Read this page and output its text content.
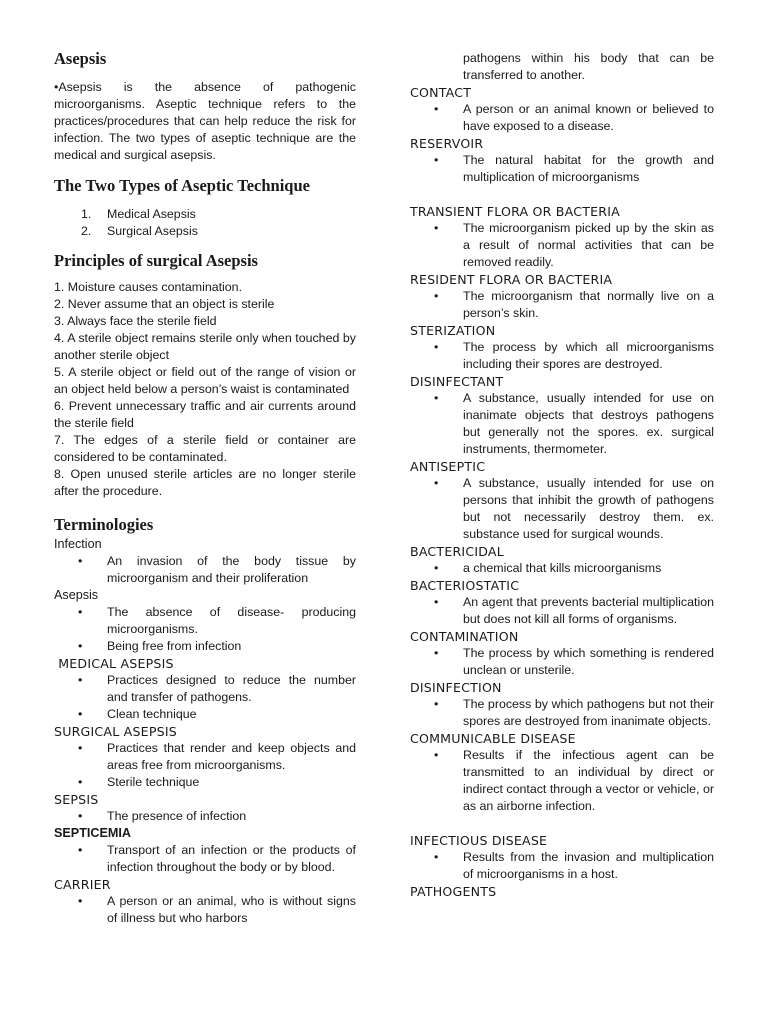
Asepsis

•Asepsis is the absence of pathogenic microorganisms. Aseptic technique refers to the practices/procedures that can help reduce the risk for infection. The two types of aseptic technique are the medical and surgical asepsis.

The Two Types of Aseptic Technique
1. Medical Asepsis
2. Surgical Asepsis
Principles of surgical Asepsis
1. Moisture causes contamination.
2. Never assume that an object is sterile
3. Always face the sterile field
4. A sterile object remains sterile only when touched by another sterile object
5. A sterile object or field out of the range of vision or an object held below a person’s waist is contaminated
6. Prevent unnecessary traffic and air currents around the sterile field
7. The edges of a sterile field or container are considered to be contaminated.
8. Open unused sterile articles are no longer sterile after the procedure.
Terminologies

Infection

• An invasion of the body tissue by microorganism and their proliferation

Asepsis

• The absence of disease- producing microorganisms.
• Being free from infection

MEDICAL ASEPSIS

• Practices designed to reduce the number and transfer of pathogens.
• Clean technique

SURGICAL ASEPSIS

• Practices that render and keep objects and areas free from microorganisms.
• Sterile technique

SEPSIS

• The presence of infection

SEPTICEMIA

• Transport of an infection or the products of infection throughout the body or by blood.

CARRIER

• A person or an animal, who is without signs of illness but who harbors
pathogens within his body that can be
transferred to another.

CONTACT

• A person or an animal known or believed to have exposed to a disease.

RESERVOIR

• The natural habitat for the growth and multiplication of microorganisms

TRANSIENT FLORA OR BACTERIA

• The microorganism picked up by the skin as a result of normal activities that can be removed readily.

RESIDENT FLORA OR BACTERIA

• The microorganism that normally live on a person’s skin.

STERIZATION

• The process by which all microorganisms including their spores are destroyed.

DISINFECTANT

• A substance, usually intended for use on inanimate objects that destroys pathogens but generally not the spores. ex. surgical instruments, thermometer.

ANTISEPTIC

• A substance, usually intended for use on persons that inhibit the growth of pathogens but not necessarily destroy them. ex. substance used for surgical wounds.

BACTERICIDAL

• a chemical that kills microorganisms

BACTERIOSTATIC

• An agent that prevents bacterial multiplication but does not kill all forms of organisms.

CONTAMINATION

• The process by which something is rendered unclean or unsterile.

DISINFECTION

• The process by which pathogens but not their spores are destroyed from inanimate objects.

COMMUNICABLE DISEASE

• Results if the infectious agent can be transmitted to an individual by direct or indirect contact through a vector or vehicle, or as an airborne infection.

INFECTIOUS DISEASE

• Results from the invasion and multiplication of microorganisms in a host.

PATHOGENTS
